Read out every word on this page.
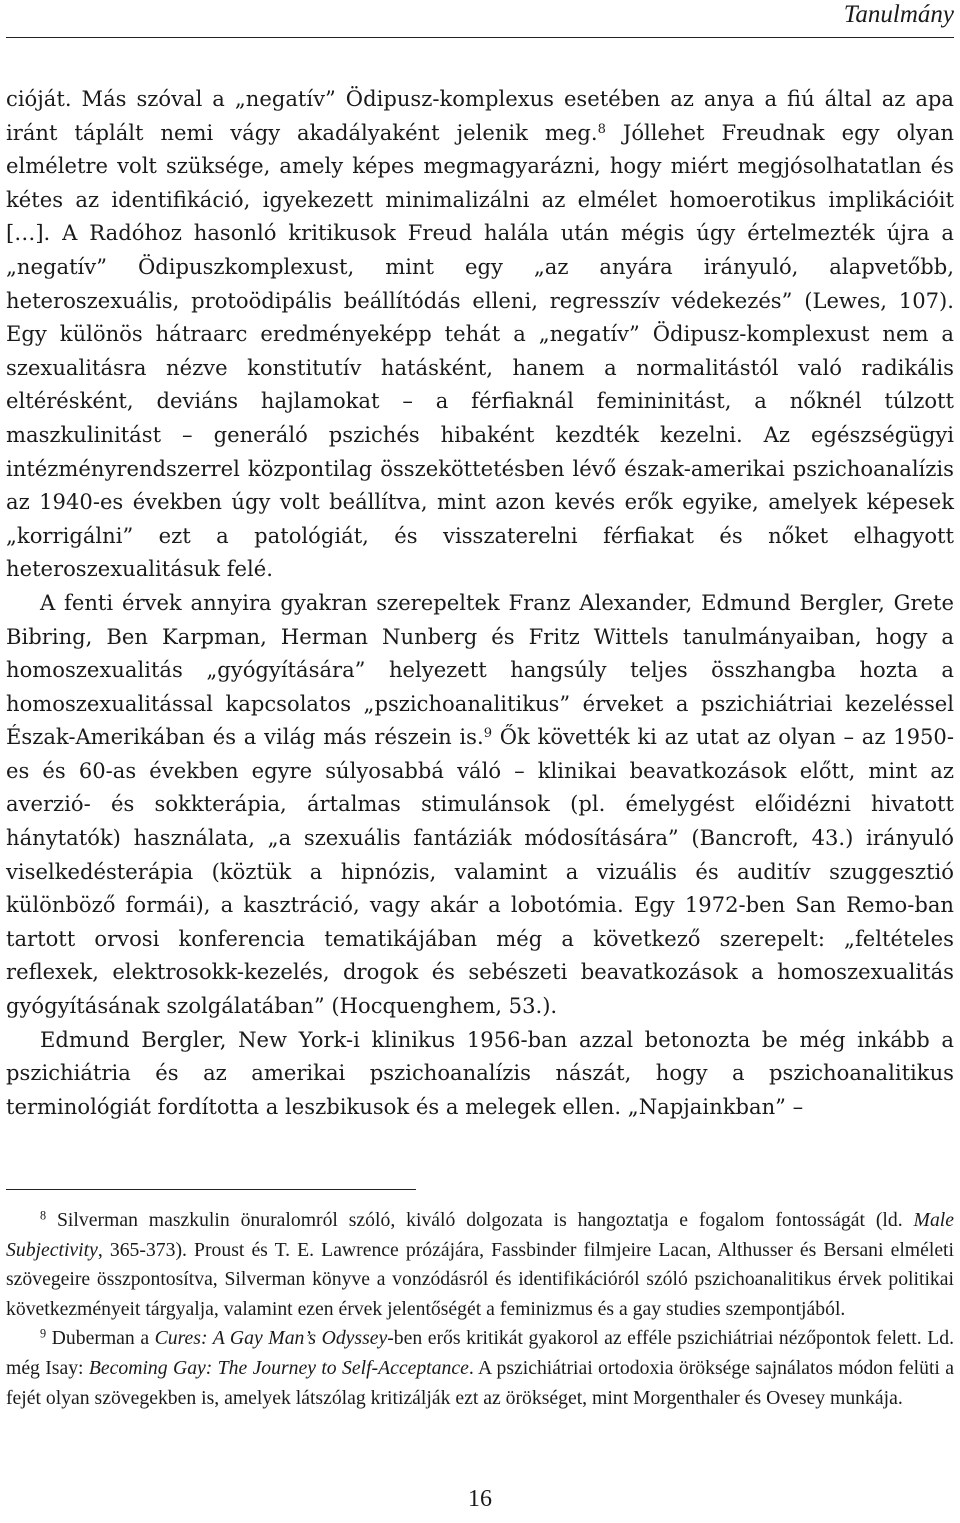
Tanulmány

cióját. Más szóval a „negatív” Ödipusz-komplexus esetében az anya a fiú által az apa iránt táplált nemi vágy akadályaként jelenik meg.$^8$ Jóllehet Freudnak egy olyan elméletre volt szüksége, amely képes megmagyarázni, hogy miért megjósolhatatlan és kétes az identifikáció, igyekezett minimalizálni az elmélet homoerotikus implikációit […]. A Radóhoz hasonló kritikusok Freud halála után mégis úgy értelmezték újra a „negatív” Ödipuszkomplexust, mint egy „az anyára irányuló, alapvetőbb, heteroszexuális, protoödipális beállítódás elleni, regresszív védekezés” (Lewes, 107). Egy különös hátraarc eredményeképp tehát a „negatív” Ödipusz-komplexust nem a szexualitásra nézve konstitutív hatásként, hanem a normalitástól való radikális eltérésként, deviáns hajlamokat – a férfiaknál femininitást, a nőknél túlzott maszkulinitást – generáló pszichés hibaként kezdték kezelni. Az egészségügyi intézményrendszerrel központilag összeköttetésben lévő észak-amerikai pszichoanalízis az 1940-es években úgy volt beállítva, mint azon kevés erők egyike, amelyek képesek „korrigálni” ezt a patológiát, és visszaterelni férfiakat és nőket elhagyott heteroszexualitásuk felé.

A fenti érvek annyira gyakran szerepeltek Franz Alexander, Edmund Bergler, Grete Bibring, Ben Karpman, Herman Nunberg és Fritz Wittels tanulmányaiban, hogy a homoszexualitás „gyógyítására” helyezett hangsúly teljes összhangba hozta a homoszexualitással kapcsolatos „pszichoanalitikus” érveket a pszichiátriai kezeléssel Észak-Amerikában és a világ más részein is.$^9$ Ők követték ki az utat az olyan – az 1950-es és 60-as években egyre súlyosabbá váló – klinikai beavatkozások előtt, mint az averzió- és sokkterápia, ártalmas stimulánsok (pl. émelygést előidézni hivatott hánytatók) használata, „a szexuális fantáziák módosítására” (Bancroft, 43.) irányuló viselkedésterápia (köztük a hipnózis, valamint a vizuális és auditív szuggesztió különböző formái), a kasztráció, vagy akár a lobotómia. Egy 1972-ben San Remo-ban tartott orvosi konferencia tematikájában még a következő szerepelt: „feltételes reflexek, elektrosokk-kezelés, drogok és sebészeti beavatkozások a homoszexualitás gyógyításának szolgálatában” (Hocquenghem, 53.).

Edmund Bergler, New York-i klinikus 1956-ban azzal betonozta be még inkább a pszichiátria és az amerikai pszichoanalízis nászát, hogy a pszichoanalitikus terminológiát fordította a leszbikusok és a melegek ellen. „Napjainkban” –

$^8$ Silverman maszkulin önuralomról szóló, kiváló dolgozata is hangoztatja e fogalom fontosságát (ld. Male Subjectivity, 365-373). Proust és T. E. Lawrence prózájára, Fassbinder filmjeire Lacan, Althusser és Bersani elméleti szövegeire összpontosítva, Silverman könyve a vonzódásról és identifikációról szóló pszichoanalitikus érvek politikai következményeit tárgyalja, valamint ezen érvek jelentőségét a feminizmus és a gay studies szempontjából.

$^9$ Duberman a Cures: A Gay Man’s Odyssey-ben erős kritikát gyakorol az efféle pszichiátriai nézőpontok felett. Ld. még Isay: Becoming Gay: The Journey to Self-Acceptance. A pszichiátriai ortodoxia öröksége sajnálatos módon felüti a fejét olyan szövegekben is, amelyek látszólag kritizálják ezt az örökséget, mint Morgenthaler és Ovesey munkája.

16
